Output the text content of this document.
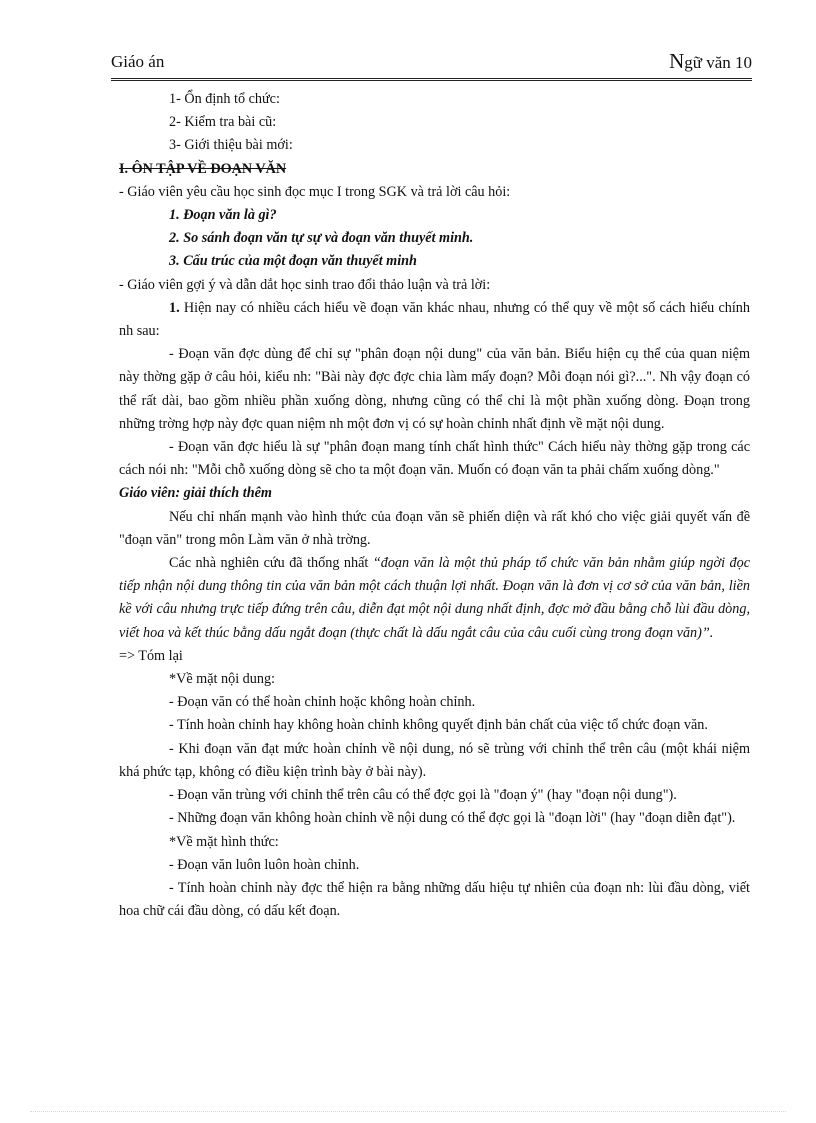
Giáo án	Ngữ văn 10

1- Ổn định tổ chức:

2- Kiểm tra bài cũ:

3- Giới thiệu bài mới:

I. ÔN TẬP VỀ ĐOẠN VĂN

- Giáo viên yêu cầu học sinh đọc mục I trong SGK và trả lời câu hỏi:

1. Đoạn văn là gì?

2. So sánh đoạn văn tự sự và đoạn văn thuyết minh.

3. Cấu trúc của một đoạn văn thuyết minh

- Giáo viên gợi ý và dẫn dắt học sinh trao đổi thảo luận và trả lời:

1. Hiện nay có nhiều cách hiểu về đoạn văn khác nhau, nhưng có thể quy về một số cách hiểu chính nh sau:

- Đoạn văn đợc dùng để chỉ sự "phân đoạn nội dung" của văn bản. Biểu hiện cụ thể của quan niệm này thờng gặp ở câu hỏi, kiểu nh: "Bài này đợc đợc chia làm mấy đoạn? Mỗi đoạn nói gì?...". Nh vậy đoạn có thể rất dài, bao gồm nhiều phần xuống dòng, nhưng cũng có thể chỉ là một phần xuống dòng. Đoạn trong những trờng hợp này đợc quan niệm nh một đơn vị có sự hoàn chỉnh nhất định về mặt nội dung.

- Đoạn văn đợc hiểu là sự "phân đoạn mang tính chất hình thức" Cách hiểu này thờng gặp trong các cách nói nh: "Mỗi chỗ xuống dòng sẽ cho ta một đoạn văn. Muốn có đoạn văn ta phải chấm xuống dòng."

Giáo viên: giải thích thêm

Nếu chỉ nhấn mạnh vào hình thức của đoạn văn sẽ phiến diện và rất khó cho việc giải quyết vấn đề "đoạn văn" trong môn Làm văn ở nhà trờng.

Các nhà nghiên cứu đã thống nhất “đoạn văn là một thủ pháp tổ chức văn bản nhằm giúp ngời đọc tiếp nhận nội dung thông tin của văn bản một cách thuận lợi nhất. Đoạn văn là đơn vị cơ sở của văn bản, liền kề với câu nhưng trực tiếp đứng trên câu, diễn đạt một nội dung nhất định, đợc mở đầu bằng chỗ lùi đầu dòng, viết hoa và kết thúc bằng dấu ngắt đoạn (thực chất là dấu ngắt câu của câu cuối cùng trong đoạn văn)”.

=> Tóm lại

*Về mặt nội dung:

- Đoạn văn có thể hoàn chỉnh hoặc không hoàn chỉnh.

- Tính hoàn chỉnh hay không hoàn chỉnh không quyết định bản chất của việc tổ chức đoạn văn.

- Khi đoạn văn đạt mức hoàn chỉnh về nội dung, nó sẽ trùng với chỉnh thể trên câu (một khái niệm khá phức tạp, không có điều kiện trình bày ở bài này).

- Đoạn văn trùng với chỉnh thể trên câu có thể đợc gọi là "đoạn ý" (hay "đoạn nội dung").

- Những đoạn văn không hoàn chỉnh về nội dung có thể đợc gọi là "đoạn lời" (hay "đoạn diễn đạt").

*Về mặt hình thức:

- Đoạn văn luôn luôn hoàn chỉnh.

- Tính hoàn chỉnh này đợc thể hiện ra bằng những dấu hiệu tự nhiên của đoạn nh: lùi đầu dòng, viết hoa chữ cái đầu dòng, có dấu kết đoạn.
